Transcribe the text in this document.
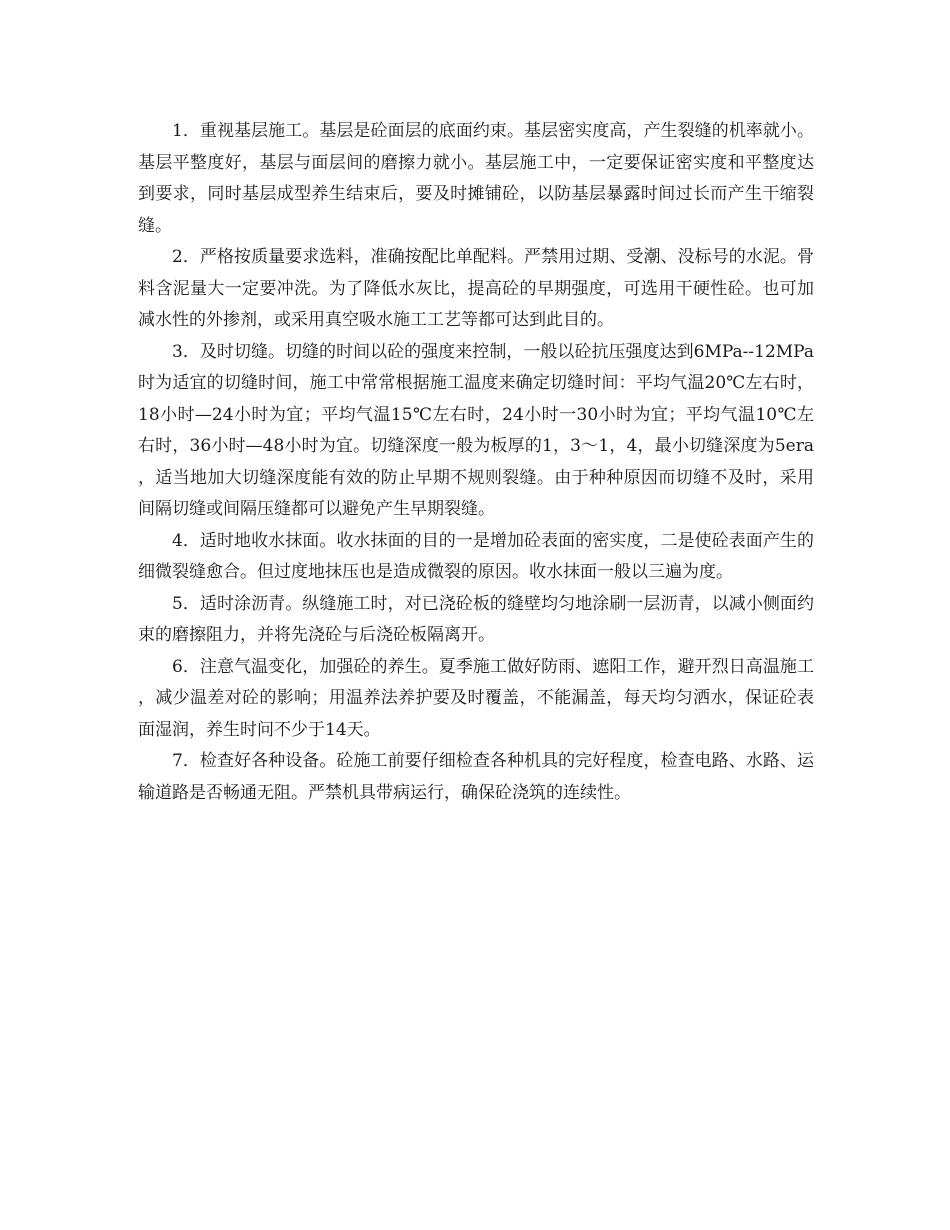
1．重视基层施工。基层是砼面层的底面约束。基层密实度高，产生裂缝的机率就小。基层平整度好，基层与面层间的磨擦力就小。基层施工中，一定要保证密实度和平整度达到要求，同时基层成型养生结束后，要及时摊铺砼，以防基层暴露时间过长而产生干缩裂缝。

2．严格按质量要求选料，准确按配比单配料。严禁用过期、受潮、没标号的水泥。骨料含泥量大一定要冲洗。为了降低水灰比，提高砼的早期强度，可选用干硬性砼。也可加减水性的外掺剂，或采用真空吸水施工工艺等都可达到此目的。

3．及时切缝。切缝的时间以砼的强度来控制，一般以砼抗压强度达到6MPa--12MPa时为适宜的切缝时间，施工中常常根据施工温度来确定切缝时间：平均气温20℃左右时，18小时—24小时为宜；平均气温15℃左右时，24小时一30小时为宜；平均气温10℃左右时，36小时—48小时为宜。切缝深度一般为板厚的1，3～1，4，最小切缝深度为5era，适当地加大切缝深度能有效的防止早期不规则裂缝。由于种种原因而切缝不及时，采用间隔切缝或间隔压缝都可以避免产生早期裂缝。

4．适时地收水抹面。收水抹面的目的一是增加砼表面的密实度，二是使砼表面产生的细微裂缝愈合。但过度地抹压也是造成微裂的原因。收水抹面一般以三遍为度。

5．适时涂沥青。纵缝施工时，对已浇砼板的缝壁均匀地涂刷一层沥青，以减小侧面约束的磨擦阻力，并将先浇砼与后浇砼板隔离开。

6．注意气温变化，加强砼的养生。夏季施工做好防雨、遮阳工作，避开烈日高温施工，减少温差对砼的影响；用温养法养护要及时覆盖，不能漏盖，每天均匀洒水，保证砼表面湿润，养生时问不少于14天。

7．检查好各种设备。砼施工前要仔细检查各种机具的完好程度，检查电路、水路、运输道路是否畅通无阻。严禁机具带病运行，确保砼浇筑的连续性。
